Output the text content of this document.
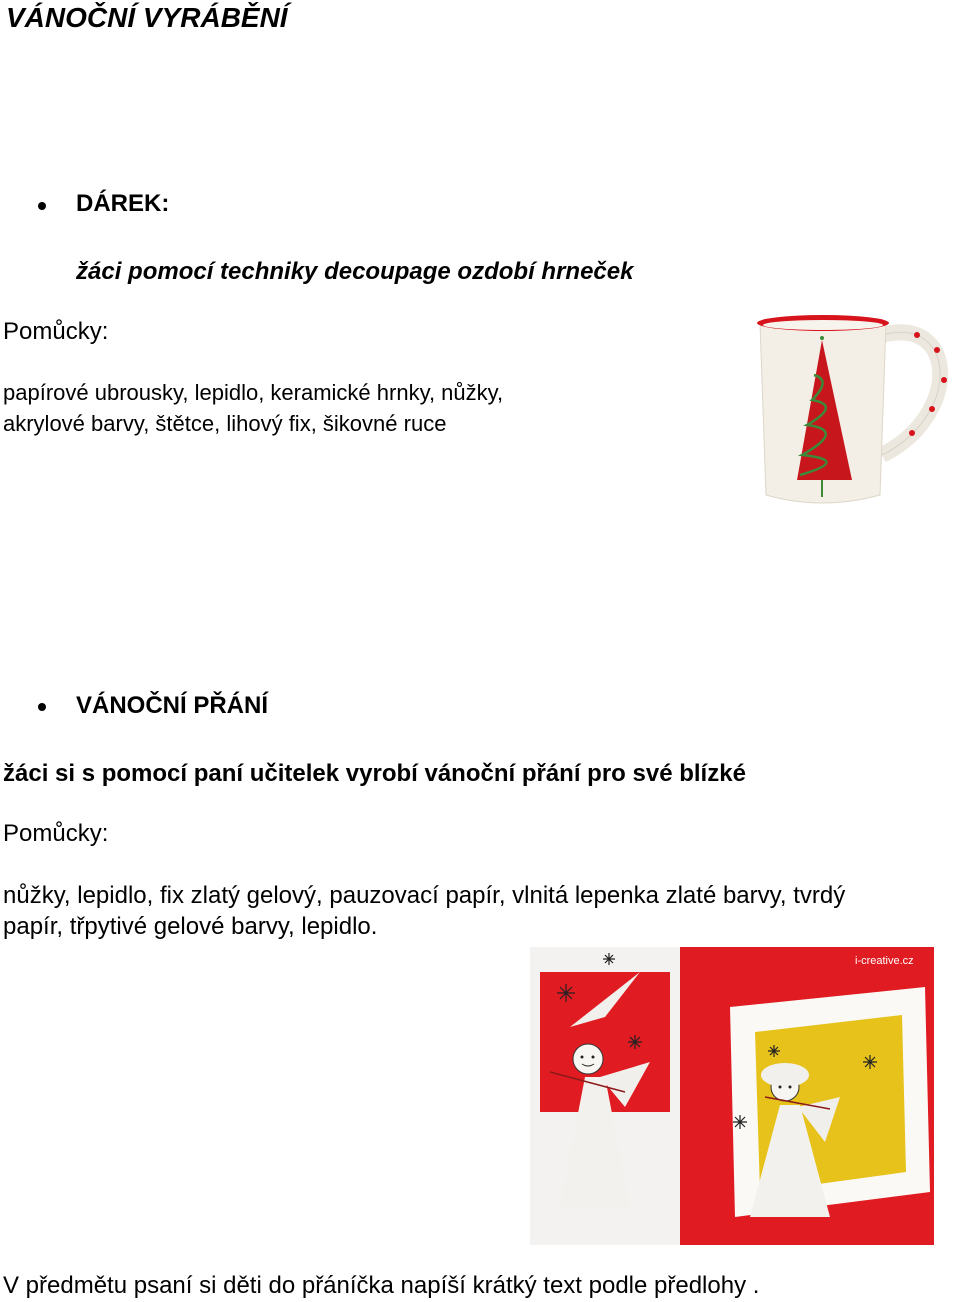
VÁNOČNÍ VYRÁBĚNÍ
DÁREK:
žáci pomocí techniky decoupage ozdobí hrneček
Pomůcky:
papírové ubrousky, lepidlo, keramické hrnky, nůžky,
akrylové barvy, štětce, lihový fix, šikovné ruce
VÁNOČNÍ PŘÁNÍ
žáci si s pomocí paní učitelek vyrobí vánoční přání pro své blízké
Pomůcky:
nůžky, lepidlo, fix zlatý gelový, pauzovací papír, vlnitá lepenka zlaté barvy, tvrdý
papír, třpytivé gelové barvy, lepidlo.
i-creative.cz
V předmětu psaní si děti do přáníčka napíší krátký text podle předlohy .
